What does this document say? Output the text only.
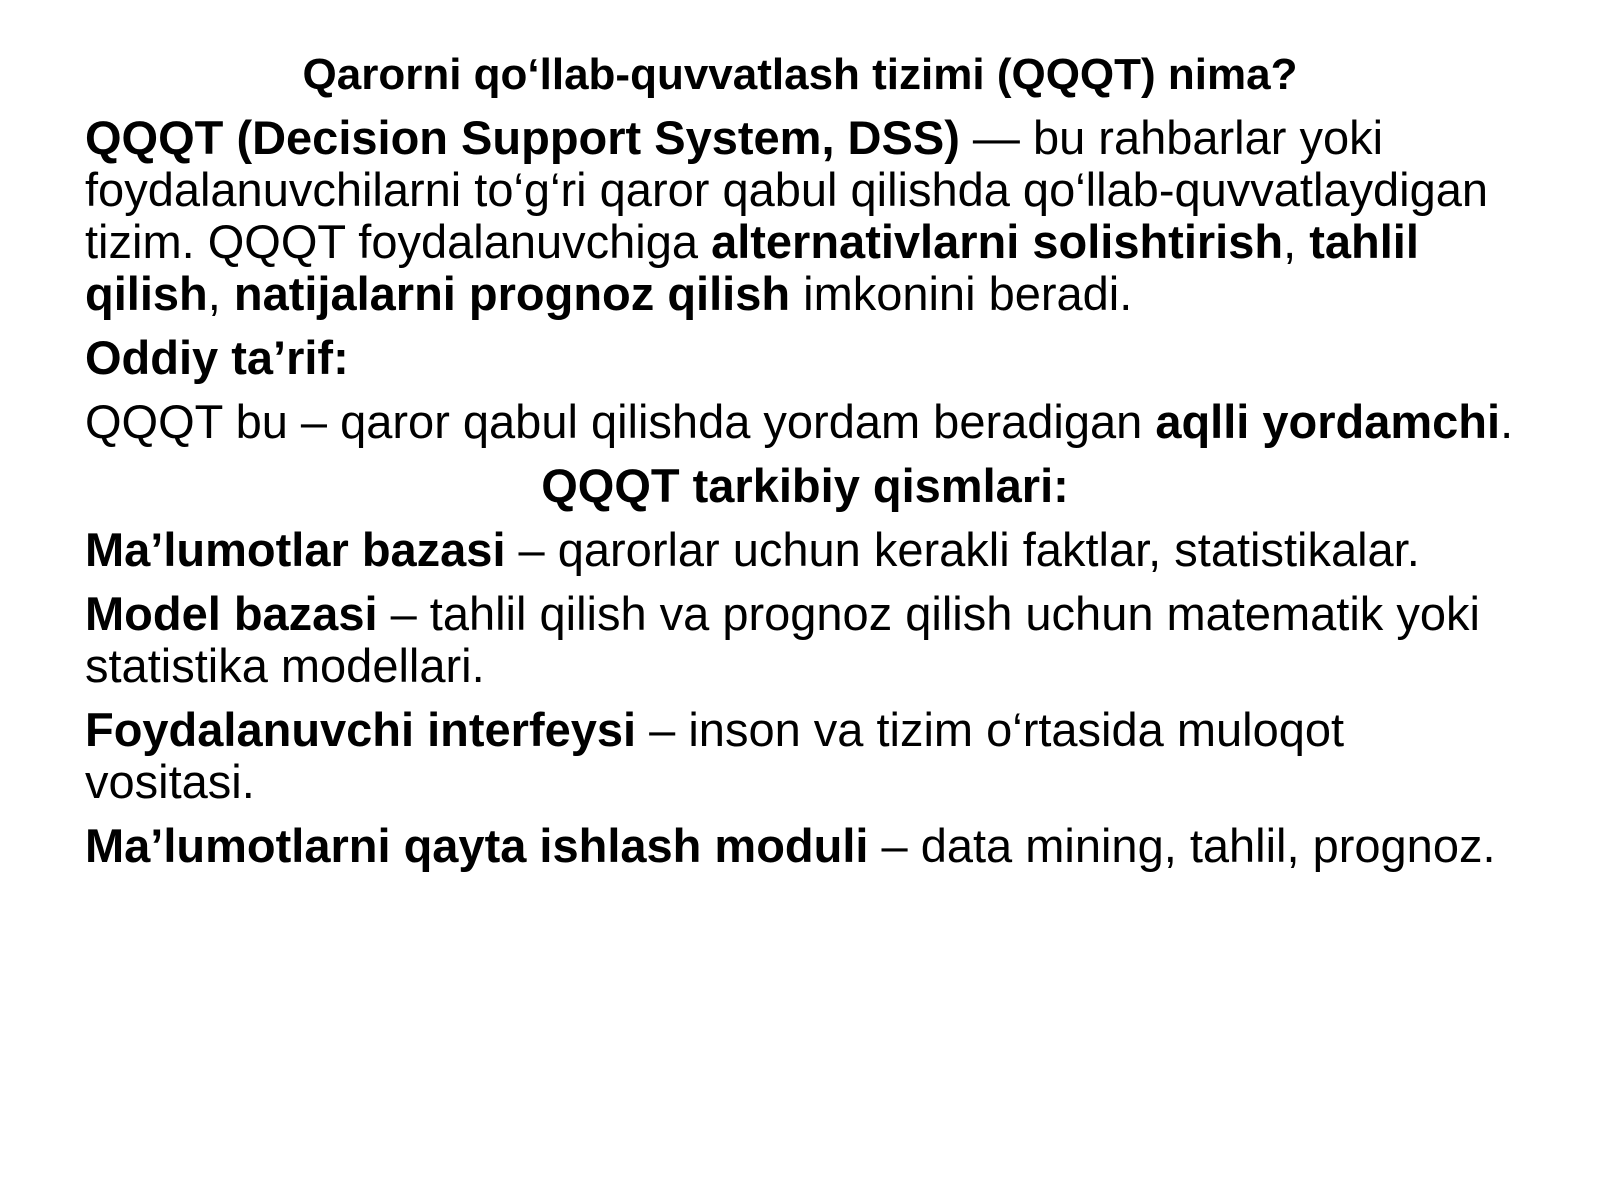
Qarorni qo‘llab-quvvatlash tizimi (QQQT) nima?

QQQT (Decision Support System, DSS) — bu rahbarlar yoki foydalanuvchilarni to‘g‘ri qaror qabul qilishda qo‘llab-quvvatlaydigan tizim. QQQT foydalanuvchiga alternativlarni solishtirish, tahlil qilish, natijalarni prognoz qilish imkonini beradi.

Oddiy ta’rif:

QQQT bu – qaror qabul qilishda yordam beradigan aqlli yordamchi.

QQQT tarkibiy qismlari:

Ma’lumotlar bazasi – qarorlar uchun kerakli faktlar, statistikalar.

Model bazasi – tahlil qilish va prognoz qilish uchun matematik yoki statistika modellari.

Foydalanuvchi interfeysi – inson va tizim o‘rtasida muloqot vositasi.

Ma’lumotlarni qayta ishlash moduli – data mining, tahlil, prognoz.
